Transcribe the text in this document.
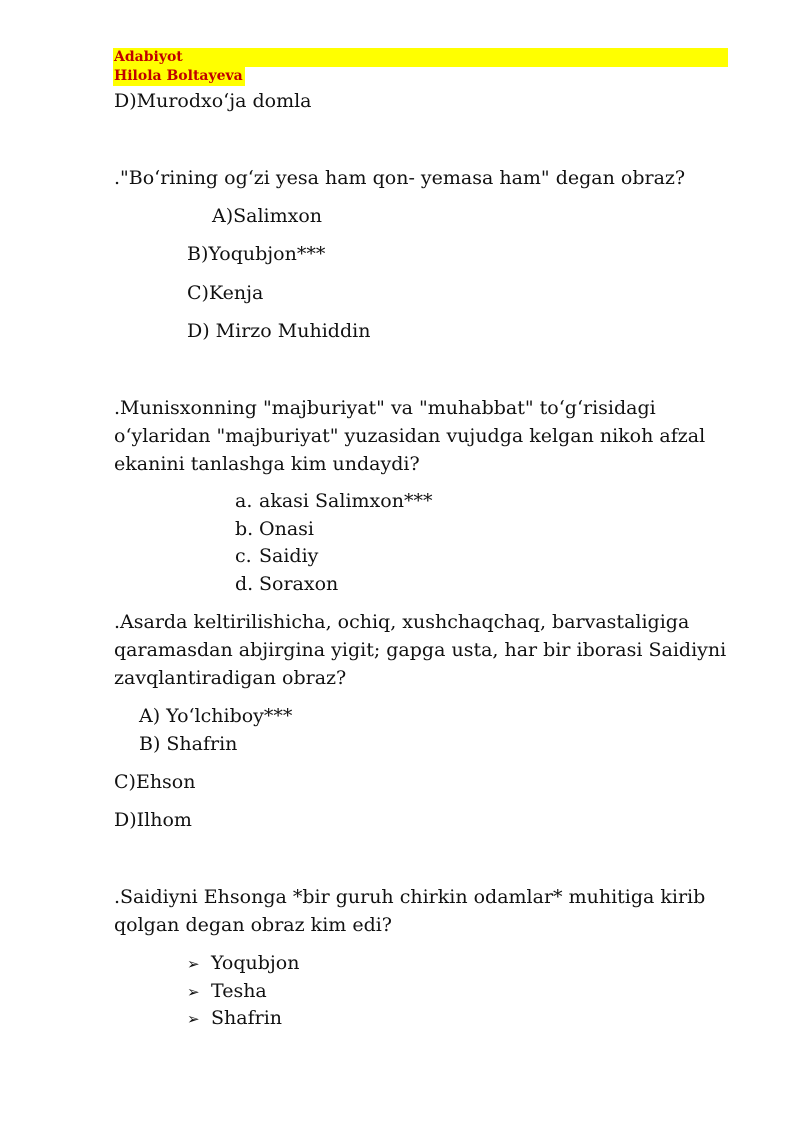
Adabiyot
Hilola Boltayeva
D)Murodxo‘ja domla
."Bo‘rining og‘zi yesa ham qon- yemasa ham" degan obraz?
A)Salimxon
B)Yoqubjon***
C)Kenja
D) Mirzo Muhiddin
.Munisxonning "majburiyat" va "muhabbat" to‘g‘risidagi o‘ylaridan "majburiyat" yuzasidan vujudga kelgan nikoh afzal ekanini tanlashga kim undaydi?
a. akasi Salimxon***
b. Onasi
c. Saidiy
d. Soraxon
.Asarda keltirilishicha, ochiq, xushchaqchaq, barvastaligiga qaramasdan abjirgina yigit; gapga usta, har bir iborasi Saidiyni zavqlantiradigan obraz?
A) Yo‘lchiboy***
B) Shafrin
C)Ehson
D)Ilhom
.Saidiyni Ehsonga *bir guruh chirkin odamlar* muhitiga kirib qolgan degan obraz kim edi?
➢ Yoqubjon
➢ Tesha
➢ Shafrin
